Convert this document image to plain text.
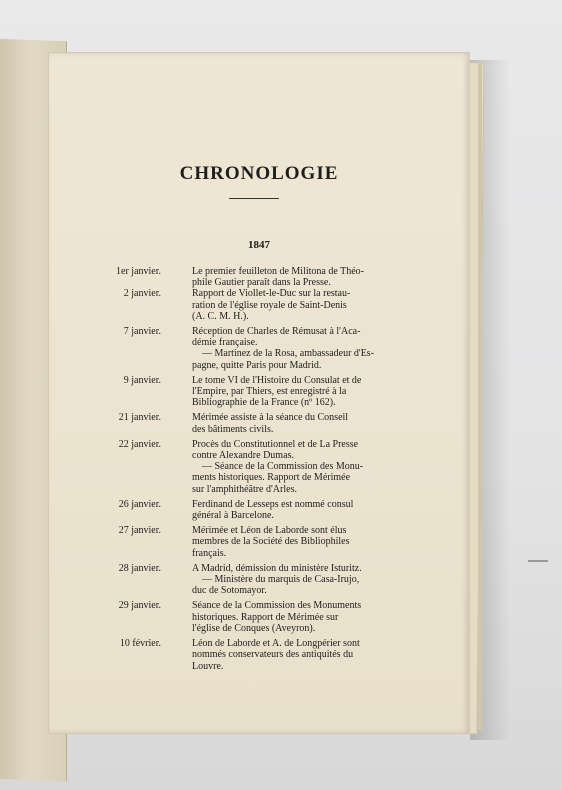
CHRONOLOGIE
1847
1er janvier.	Le premier feuilleton de Militona de Théo-
phile Gautier paraît dans la Presse.
2 janvier.	Rapport de Viollet-le-Duc sur la restau-
ration de l'église royale de Saint-Denis
(A. C. M. H.).
7 janvier.	Réception de Charles de Rémusat à l'Aca-
démie française.
— Martinez de la Rosa, ambassadeur d'Es-
pagne, quitte Paris pour Madrid.
9 janvier.	Le tome VI de l'Histoire du Consulat et de
l'Empire, par Thiers, est enregistré à la
Bibliographie de la France (nº 162).
21 janvier.	Mérimée assiste à la séance du Conseil
des bâtiments civils.
22 janvier.	Procès du Constitutionnel et de La Presse
contre Alexandre Dumas.
— Séance de la Commission des Monu-
ments historiques. Rapport de Mérimée
sur l'amphithéâtre d'Arles.
26 janvier.	Ferdinand de Lesseps est nommé consul
général à Barcelone.
27 janvier.	Mérimée et Léon de Laborde sont élus
membres de la Société des Bibliophiles
français.
28 janvier.	A Madrid, démission du ministère Isturitz.
— Ministère du marquis de Casa-Irujo,
duc de Sotomayor.
29 janvier.	Séance de la Commission des Monuments
historiques. Rapport de Mérimée sur
l'église de Conques (Aveyron).
10 février.	Léon de Laborde et A. de Longpérier sont
nommés conservateurs des antiquités du
Louvre.
